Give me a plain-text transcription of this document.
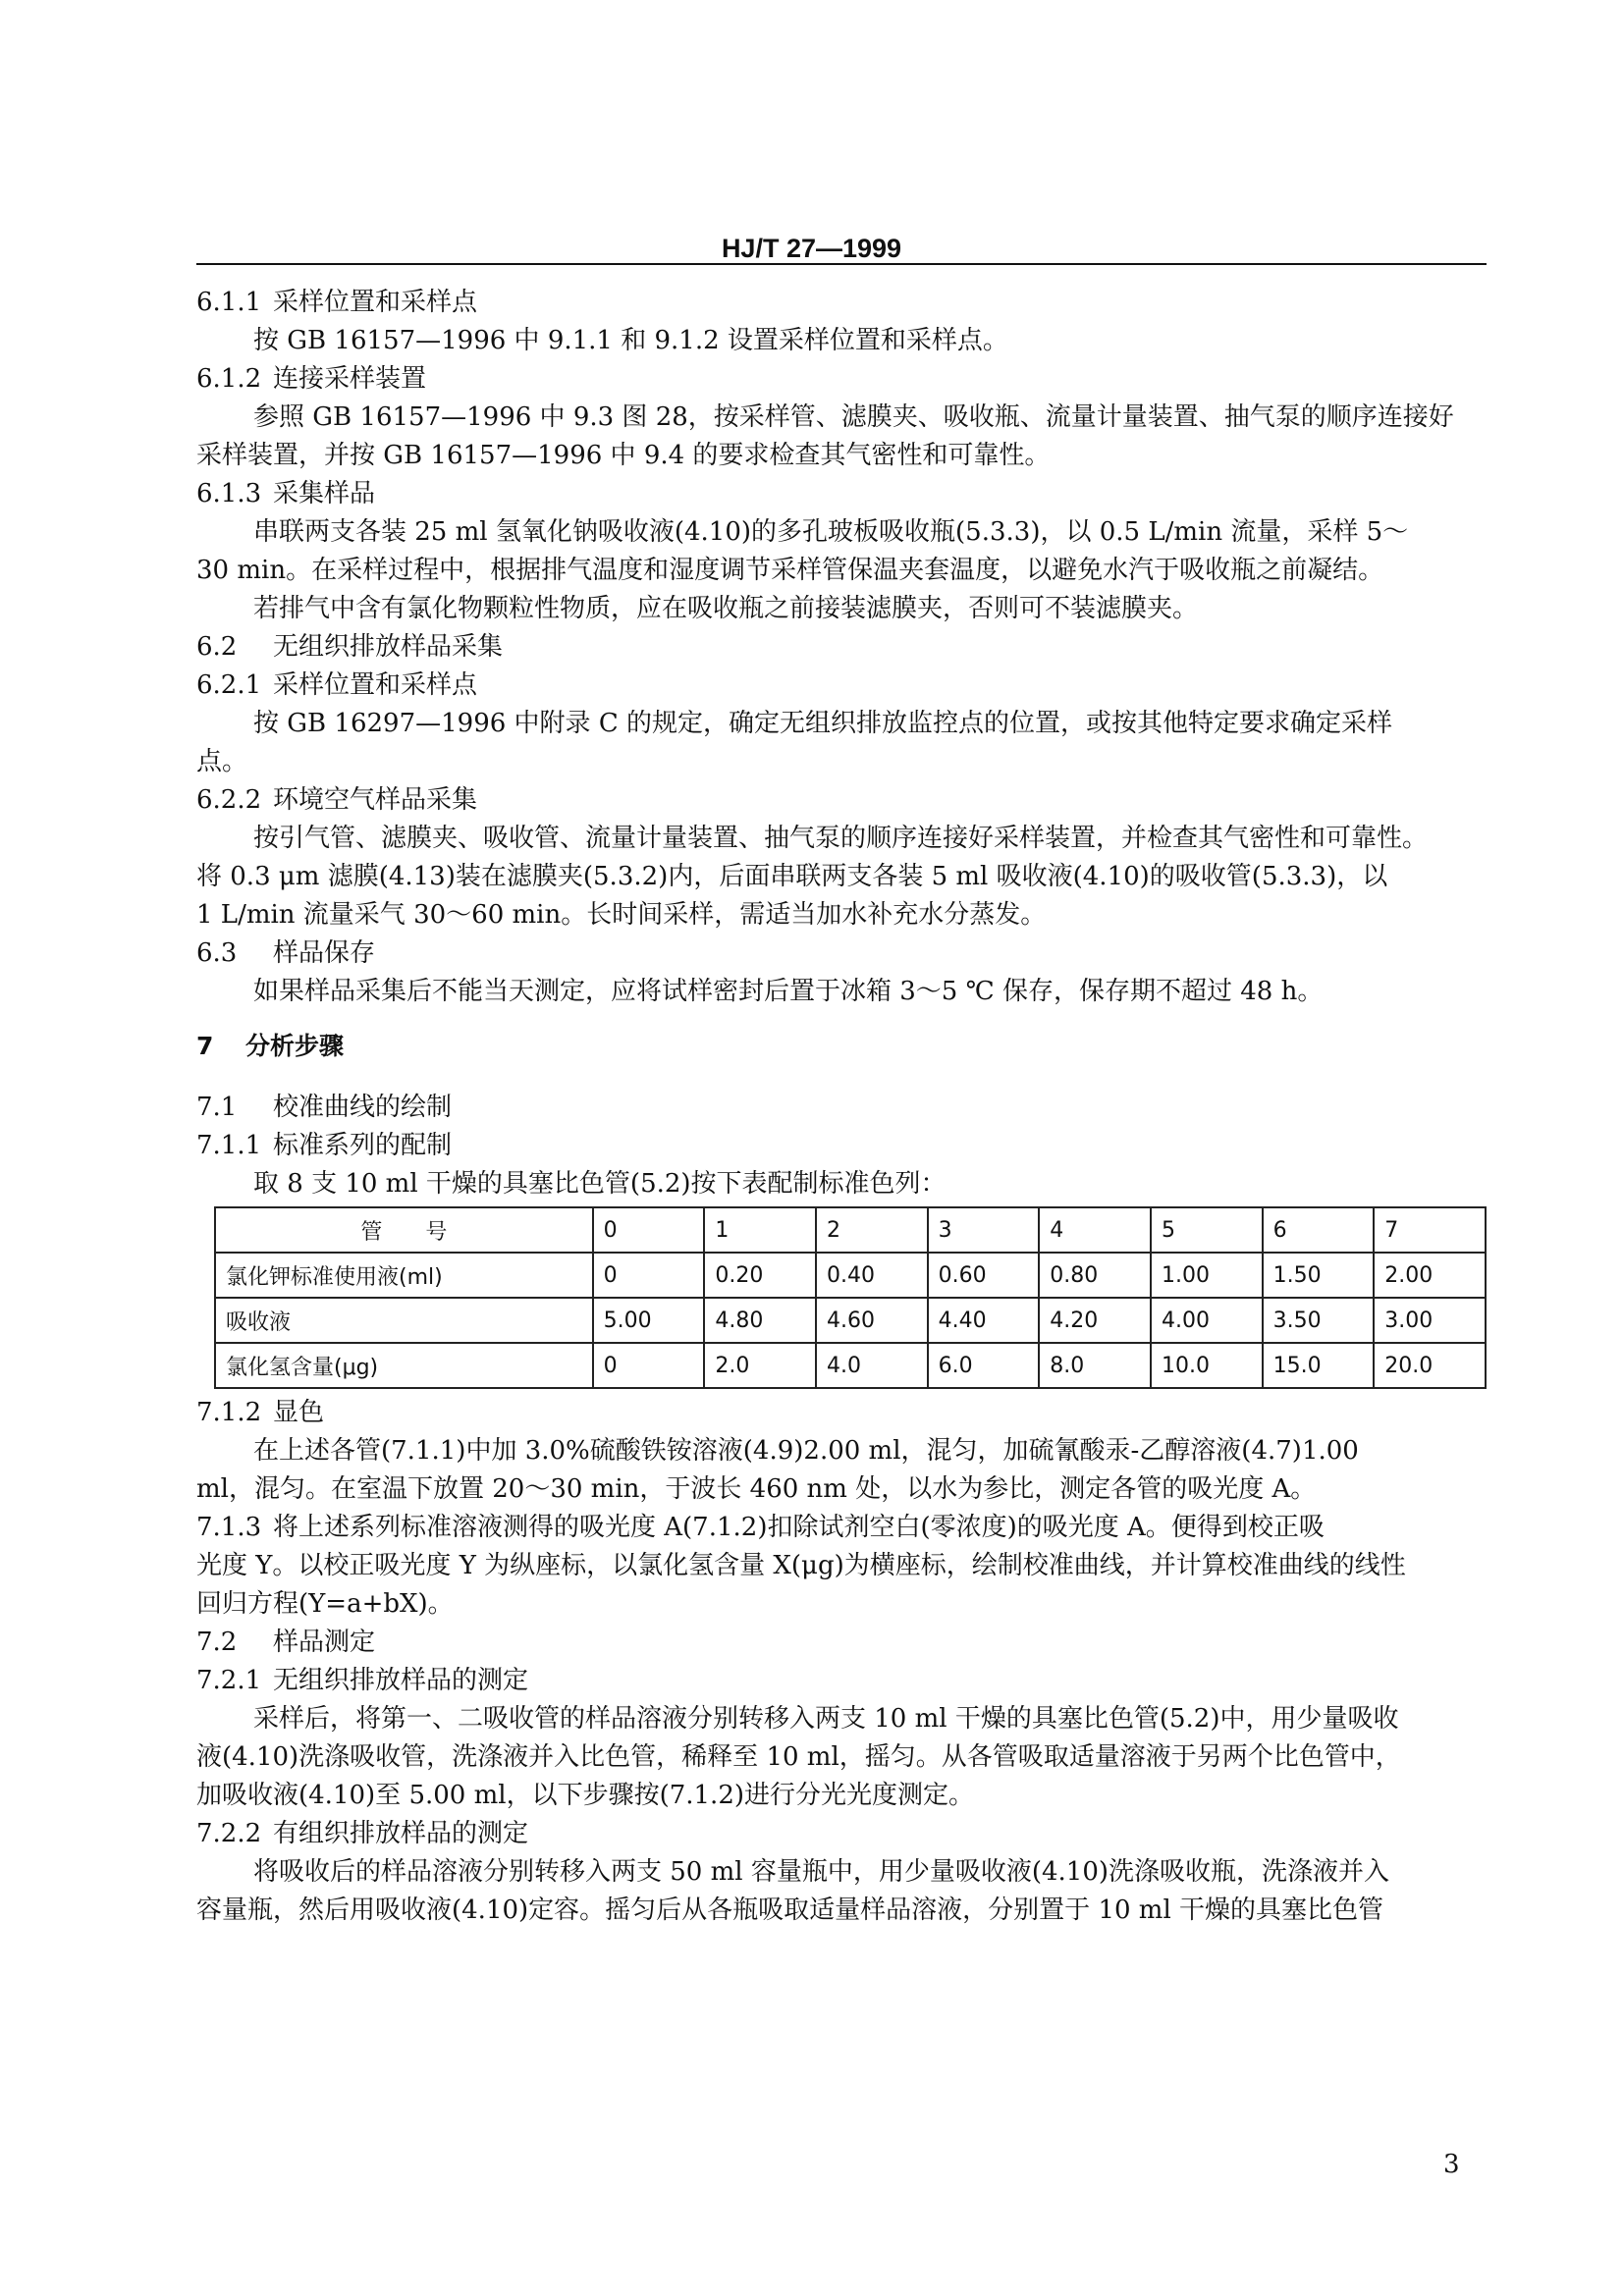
HJ/T 27—1999
6.1.1 采样位置和采样点
按 GB 16157—1996 中 9.1.1 和 9.1.2 设置采样位置和采样点。
6.1.2 连接采样装置
参照 GB 16157—1996 中 9.3 图 28，按采样管、滤膜夹、吸收瓶、流量计量装置、抽气泵的顺序连接好
采样装置，并按 GB 16157—1996 中 9.4 的要求检查其气密性和可靠性。
6.1.3 采集样品
串联两支各装 25 ml 氢氧化钠吸收液(4.10)的多孔玻板吸收瓶(5.3.3)，以 0.5 L/min 流量，采样 5～
30 min。在采样过程中，根据排气温度和湿度调节采样管保温夹套温度，以避免水汽于吸收瓶之前凝结。
若排气中含有氯化物颗粒性物质，应在吸收瓶之前接装滤膜夹，否则可不装滤膜夹。
6.2 无组织排放样品采集
6.2.1 采样位置和采样点
按 GB 16297—1996 中附录 C 的规定，确定无组织排放监控点的位置，或按其他特定要求确定采样
点。
6.2.2 环境空气样品采集
按引气管、滤膜夹、吸收管、流量计量装置、抽气泵的顺序连接好采样装置，并检查其气密性和可靠性。
将 0.3 μm 滤膜(4.13)装在滤膜夹(5.3.2)内，后面串联两支各装 5 ml 吸收液(4.10)的吸收管(5.3.3)，以
1 L/min 流量采气 30～60 min。长时间采样，需适当加水补充水分蒸发。
6.3 样品保存
如果样品采集后不能当天测定，应将试样密封后置于冰箱 3～5 ℃ 保存，保存期不超过 48 h。
7 分析步骤
7.1 校准曲线的绘制
7.1.1 标准系列的配制
取 8 支 10 ml 干燥的具塞比色管(5.2)按下表配制标准色列：
管　　号	0	1	2	3	4	5	6	7
氯化钾标准使用液(ml)	0	0.20	0.40	0.60	0.80	1.00	1.50	2.00
吸收液	5.00	4.80	4.60	4.40	4.20	4.00	3.50	3.00
氯化氢含量(μg)	0	2.0	4.0	6.0	8.0	10.0	15.0	20.0
7.1.2 显色
在上述各管(7.1.1)中加 3.0%硫酸铁铵溶液(4.9)2.00 ml，混匀，加硫氰酸汞-乙醇溶液(4.7)1.00
ml，混匀。在室温下放置 20～30 min，于波长 460 nm 处，以水为参比，测定各管的吸光度 A。
7.1.3 将上述系列标准溶液测得的吸光度 A(7.1.2)扣除试剂空白(零浓度)的吸光度 A。便得到校正吸
光度 Y。以校正吸光度 Y 为纵座标，以氯化氢含量 X(μg)为横座标，绘制校准曲线，并计算校准曲线的线性
回归方程(Y=a+bX)。
7.2 样品测定
7.2.1 无组织排放样品的测定
采样后，将第一、二吸收管的样品溶液分别转移入两支 10 ml 干燥的具塞比色管(5.2)中，用少量吸收
液(4.10)洗涤吸收管，洗涤液并入比色管，稀释至 10 ml，摇匀。从各管吸取适量溶液于另两个比色管中，
加吸收液(4.10)至 5.00 ml，以下步骤按(7.1.2)进行分光光度测定。
7.2.2 有组织排放样品的测定
将吸收后的样品溶液分别转移入两支 50 ml 容量瓶中，用少量吸收液(4.10)洗涤吸收瓶，洗涤液并入
容量瓶，然后用吸收液(4.10)定容。摇匀后从各瓶吸取适量样品溶液，分别置于 10 ml 干燥的具塞比色管
3
